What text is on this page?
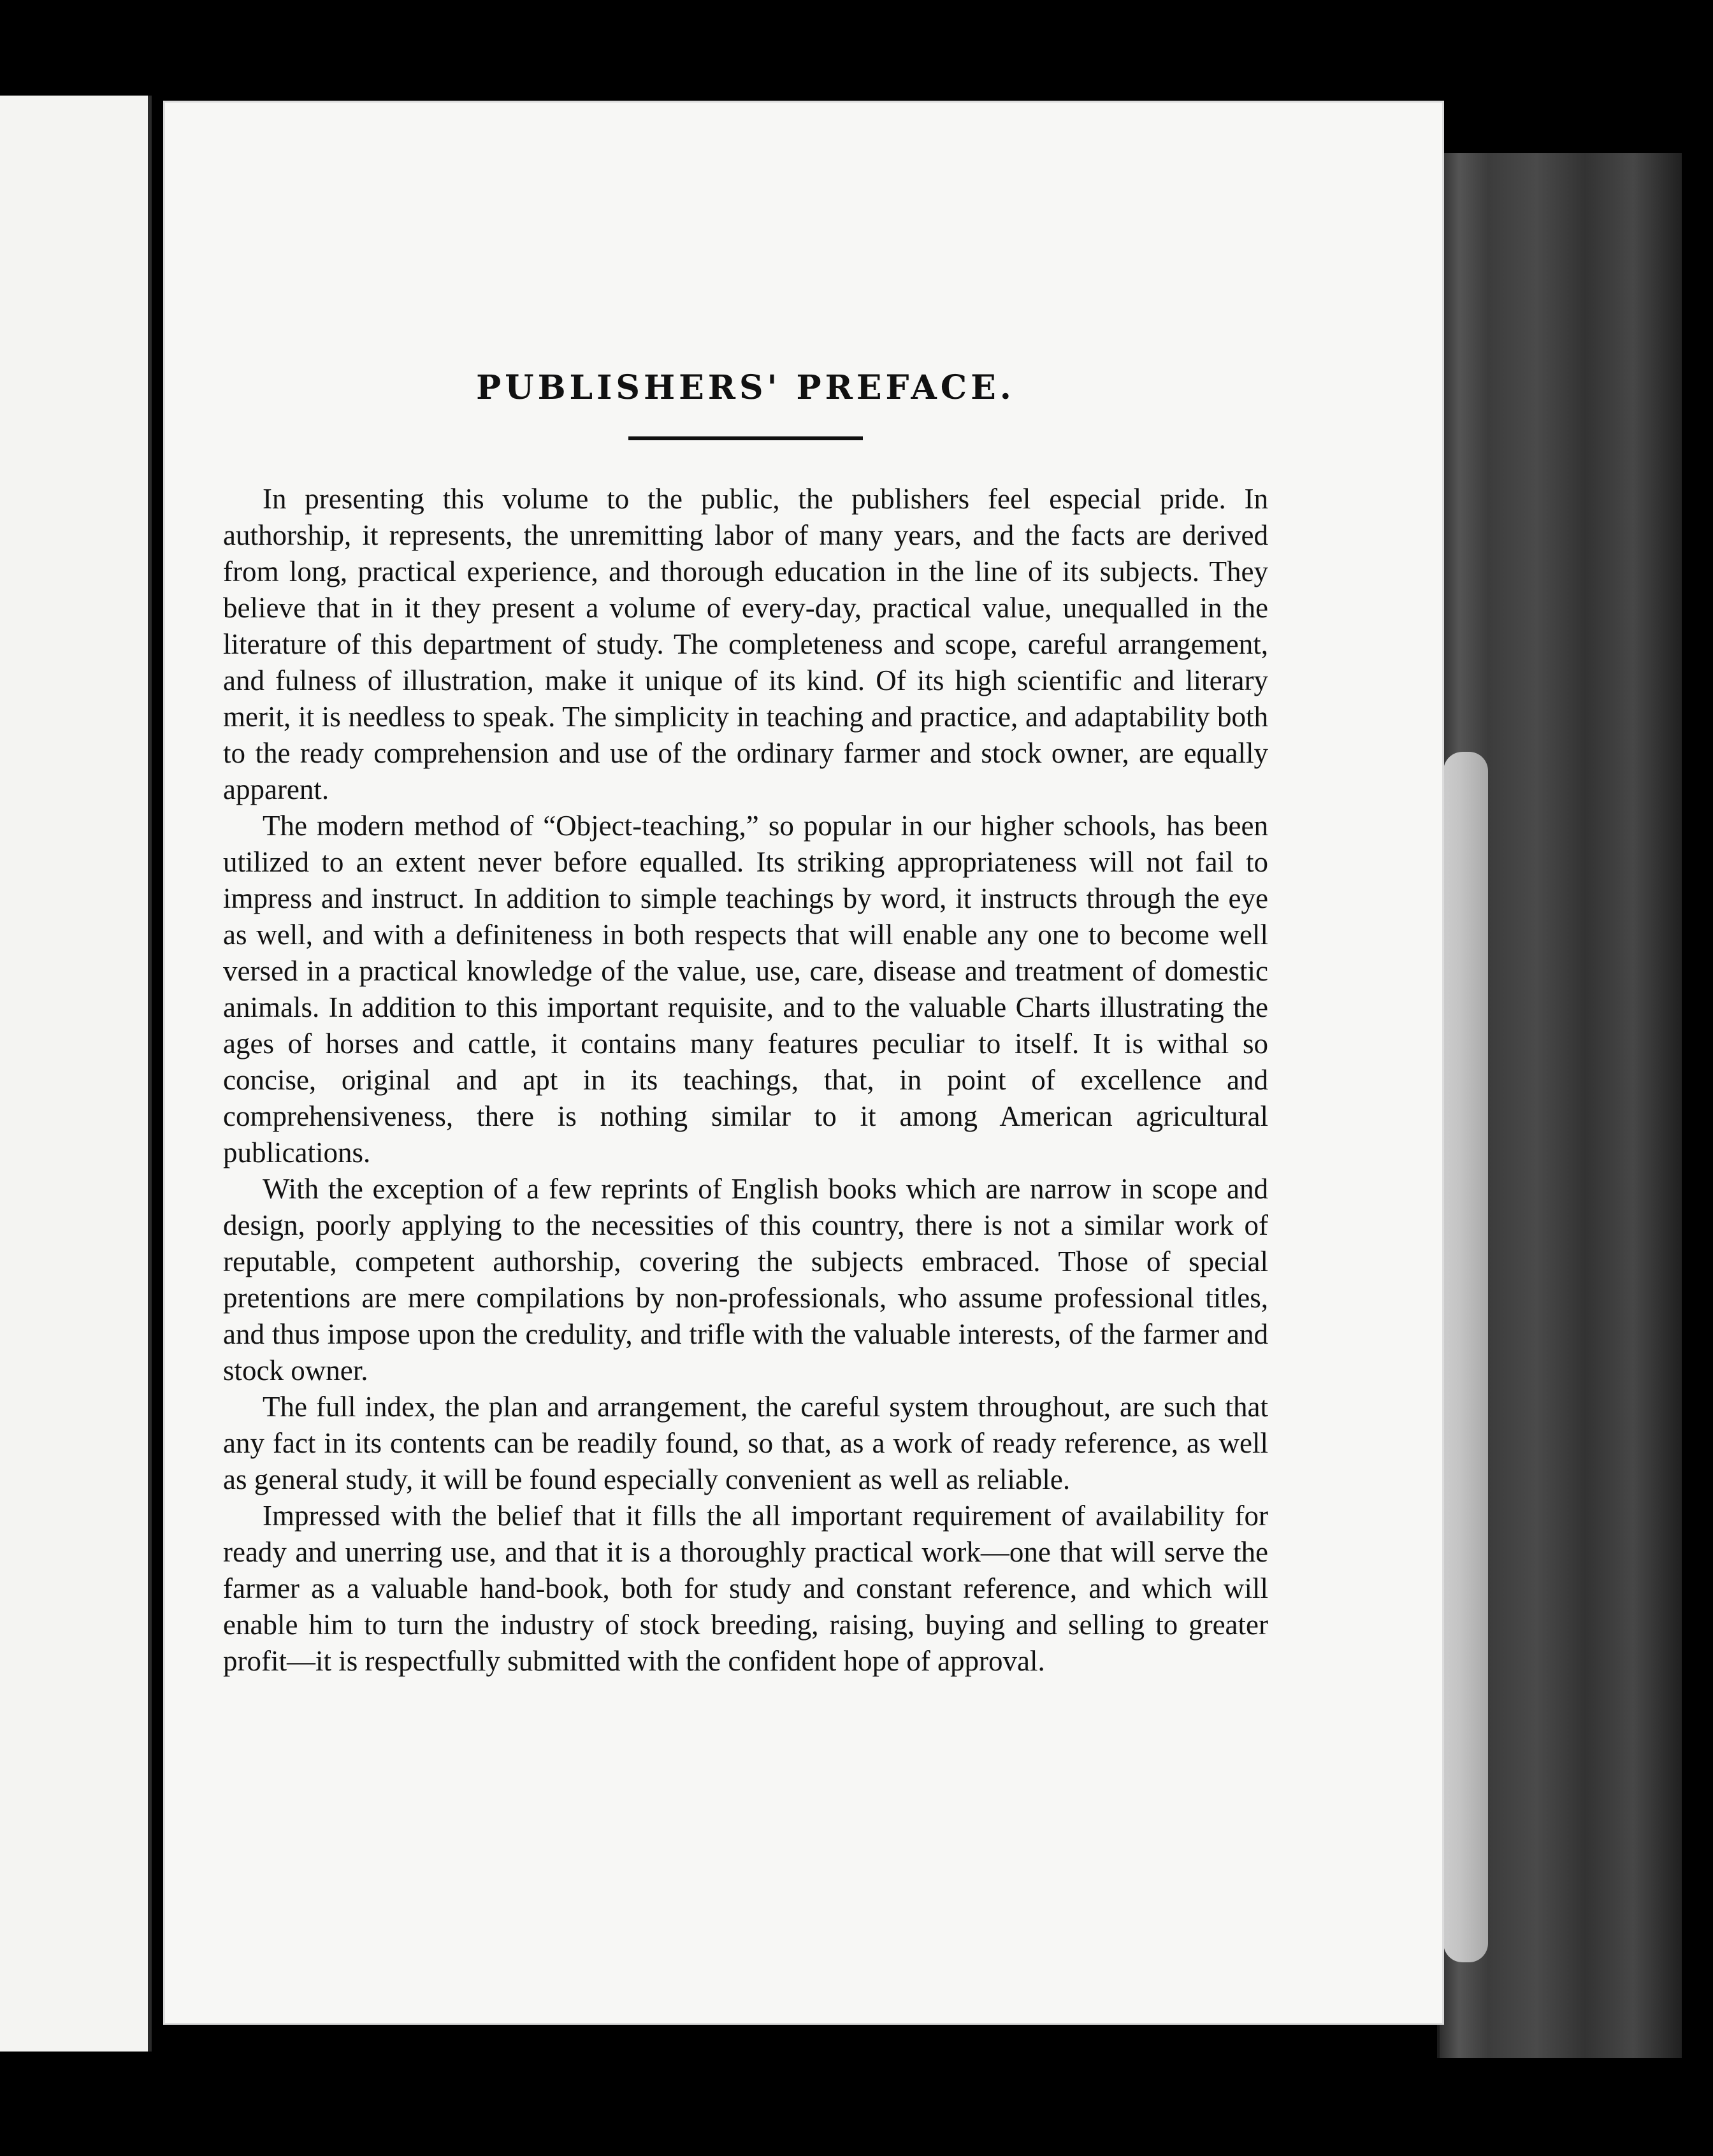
PUBLISHERS' PREFACE.

In presenting this volume to the public, the publishers feel especial pride. In authorship, it represents, the unremitting labor of many years, and the facts are derived from long, practical experience, and thorough education in the line of its subjects. They believe that in it they present a volume of every-day, practical value, unequalled in the literature of this department of study. The completeness and scope, careful arrangement, and fulness of illustration, make it unique of its kind. Of its high scientific and literary merit, it is needless to speak. The simplicity in teaching and practice, and adaptability both to the ready comprehension and use of the ordinary farmer and stock owner, are equally apparent.

The modern method of “Object-teaching,” so popular in our higher schools, has been utilized to an extent never before equalled. Its striking appropriateness will not fail to impress and instruct. In addition to simple teachings by word, it instructs through the eye as well, and with a definiteness in both respects that will enable any one to become well versed in a practical knowledge of the value, use, care, disease and treatment of domestic animals. In addition to this important requisite, and to the valuable Charts illustrating the ages of horses and cattle, it contains many features peculiar to itself. It is withal so concise, original and apt in its teachings, that, in point of excellence and comprehensiveness, there is nothing similar to it among American agricultural publications.

With the exception of a few reprints of English books which are narrow in scope and design, poorly applying to the necessities of this country, there is not a similar work of reputable, competent authorship, covering the subjects embraced. Those of special pretentions are mere compilations by non-professionals, who assume professional titles, and thus impose upon the credulity, and trifle with the valuable interests, of the farmer and stock owner.

The full index, the plan and arrangement, the careful system throughout, are such that any fact in its contents can be readily found, so that, as a work of ready reference, as well as general study, it will be found especially convenient as well as reliable.

Impressed with the belief that it fills the all important requirement of availability for ready and unerring use, and that it is a thoroughly practical work—one that will serve the farmer as a valuable hand-book, both for study and constant reference, and which will enable him to turn the industry of stock breeding, raising, buying and selling to greater profit—it is respectfully submitted with the confident hope of approval.
